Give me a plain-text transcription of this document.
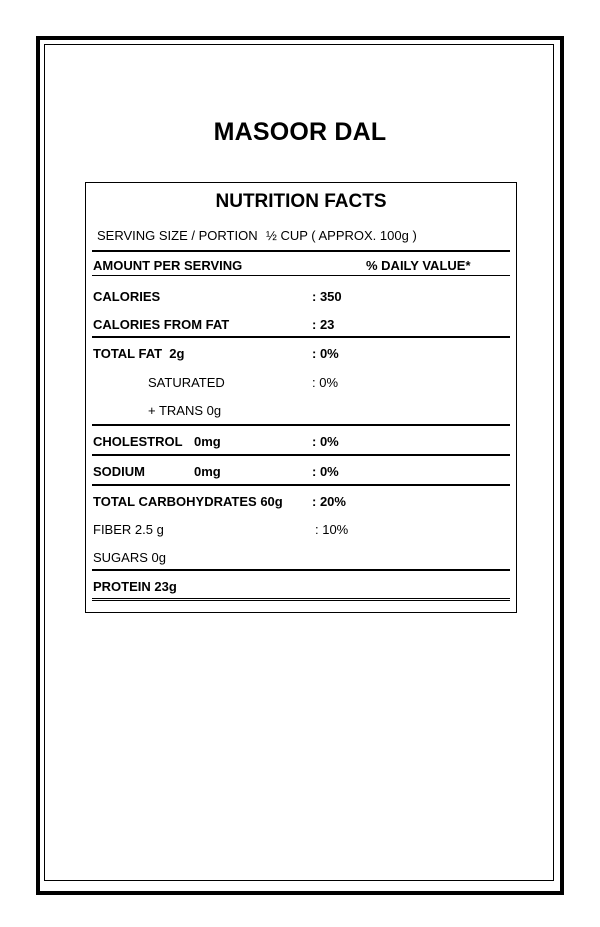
MASOOR DAL
NUTRITION FACTS
SERVING SIZE / PORTION ½ CUP ( APPROX. 100g )
AMOUNT PER SERVING	% DAILY VALUE*
CALORIES	: 350
CALORIES FROM FAT	: 23
TOTAL FAT  2g	: 0%
SATURATED	: 0%
+ TRANS 0g
CHOLESTROL 0mg	: 0%
SODIUM	0mg	: 0%
TOTAL CARBOHYDRATES 60g : 20%
FIBER 2.5 g	: 10%
SUGARS 0g
PROTEIN 23g
